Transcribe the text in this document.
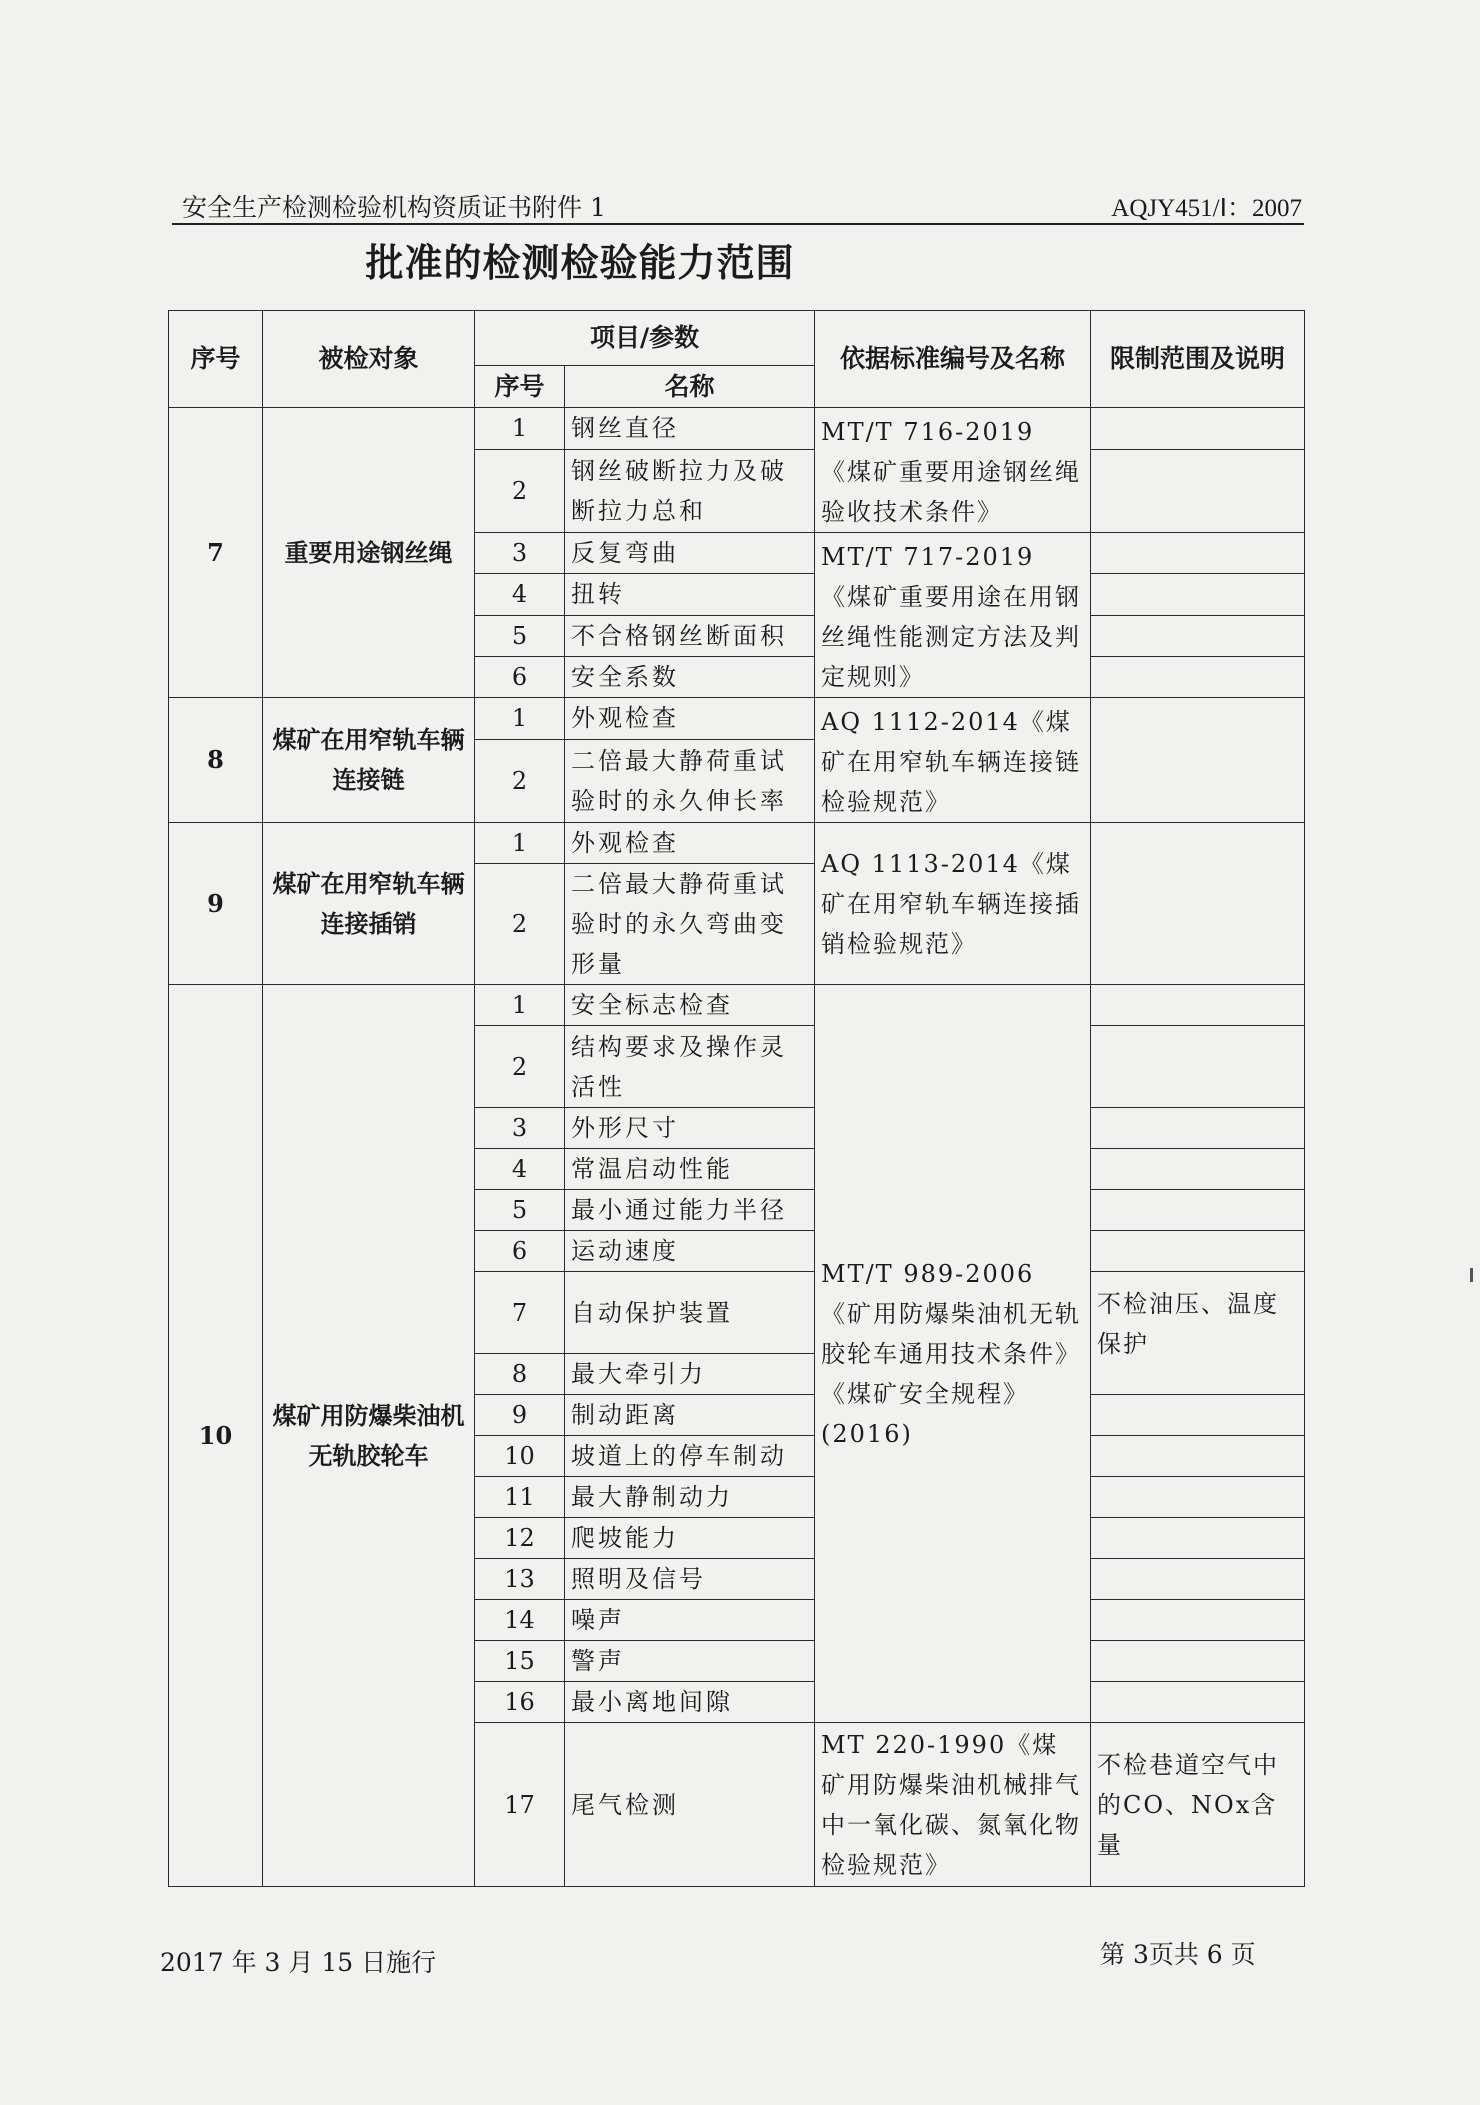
安全生产检测检验机构资质证书附件 1	AQJY451/Ⅰ：2007
批准的检测检验能力范围
序号	被检对象	项目/参数		依据标准编号及名称	限制范围及说明
		序号	名称		
7	重要用途钢丝绳	1	钢丝直径	MT/T 716-2019《煤矿重要用途钢丝绳验收技术条件》	
		2	钢丝破断拉力及破断拉力总和		
		3	反复弯曲	MT/T 717-2019《煤矿重要用途在用钢丝绳性能测定方法及判定规则》	
		4	扭转		
		5	不合格钢丝断面积		
		6	安全系数		
8	煤矿在用窄轨车辆连接链	1	外观检查	AQ 1112-2014《煤矿在用窄轨车辆连接链检验规范》	
		2	二倍最大静荷重试验时的永久伸长率		
9	煤矿在用窄轨车辆连接插销	1	外观检查	AQ 1113-2014《煤矿在用窄轨车辆连接插销检验规范》	
		2	二倍最大静荷重试验时的永久弯曲变形量		
10	煤矿用防爆柴油机无轨胶轮车	1	安全标志检查	MT/T 989-2006《矿用防爆柴油机无轨胶轮车通用技术条件》《煤矿安全规程》(2016)	
		2	结构要求及操作灵活性		
		3	外形尺寸		
		4	常温启动性能		
		5	最小通过能力半径		
		6	运动速度		
		7	自动保护装置		不检油压、温度保护
		8	最大牵引力		
		9	制动距离		
		10	坡道上的停车制动		
		11	最大静制动力		
		12	爬坡能力		
		13	照明及信号		
		14	噪声		
		15	警声		
		16	最小离地间隙		
		17	尾气检测	MT 220-1990《煤矿用防爆柴油机械排气中一氧化碳、氮氧化物检验规范》	不检巷道空气中的CO、NOx含量
2017 年 3 月 15 日施行	第 3页共 6 页
